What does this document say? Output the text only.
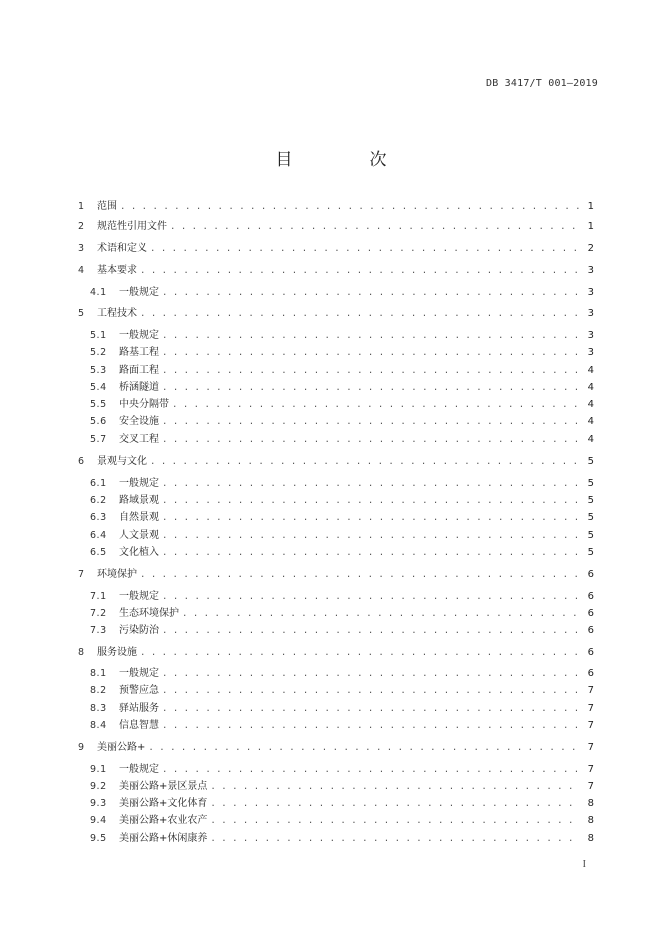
DB 3417/T 001—2019
目　次
1	范围 . . .	1
2	规范性引用文件 . . .	1
3	术语和定义 . . .	2
4	基本要求 . . .	3
4.1	一般规定 . . .	3
5	工程技术 . . .	3
5.1	一般规定 . . .	3
5.2	路基工程 . . .	3
5.3	路面工程 . . .	4
5.4	桥涵隧道 . . .	4
5.5	中央分隔带 . . .	4
5.6	安全设施 . . .	4
5.7	交叉工程 . . .	4
6	景观与文化 . . .	5
6.1	一般规定 . . .	5
6.2	路域景观 . . .	5
6.3	自然景观 . . .	5
6.4	人文景观 . . .	5
6.5	文化植入 . . .	5
7	环境保护 . . .	6
7.1	一般规定 . . .	6
7.2	生态环境保护 . . .	6
7.3	污染防治 . . .	6
8	服务设施 . . .	6
8.1	一般规定 . . .	6
8.2	预警应急 . . .	7
8.3	驿站服务 . . .	7
8.4	信息智慧 . . .	7
9	美丽公路+ . . .	7
9.1	一般规定 . . .	7
9.2	美丽公路+景区景点 . . .	7
9.3	美丽公路+文化体育 . . .	8
9.4	美丽公路+农业农产 . . .	8
9.5	美丽公路+休闲康养 . . .	8
I
